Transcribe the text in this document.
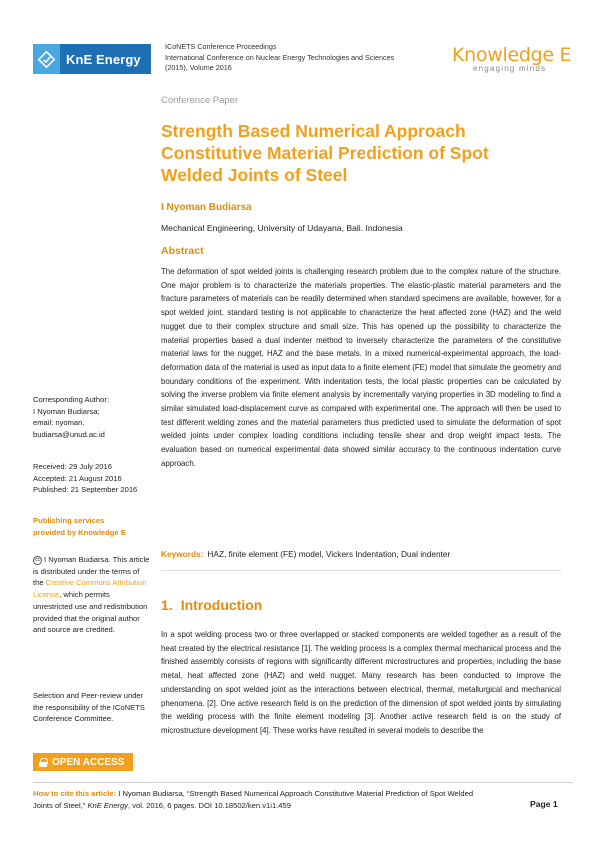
KnE Energy
ICoNETS Conference Proceedings
International Conference on Nuclear Energy Technologies and Sciences (2015), Volume 2016
Knowledge E
engaging minds
Conference Paper
Strength Based Numerical Approach Constitutive Material Prediction of Spot Welded Joints of Steel
I Nyoman Budiarsa
Mechanical Engineering, University of Udayana, Bali. Indonesia
Abstract

The deformation of spot welded joints is challenging research problem due to the complex nature of the structure. One major problem is to characterize the materials properties. The elastic-plastic material parameters and the fracture parameters of materials can be readily determined when standard specimens are available, however, for a spot welded joint, standard testing is not applicable to characterize the heat affected zone (HAZ) and the weld nugget due to their complex structure and small size. This has opened up the possibility to characterize the material properties based a dual indenter method to inversely characterize the parameters of the constitutive material laws for the nugget, HAZ and the base metals. In a mixed numerical-experimental approach, the load-deformation data of the material is used as input data to a finite element (FE) model that simulate the geometry and boundary conditions of the experiment. With indentation tests, the local plastic properties can be calculated by solving the inverse problem via finite element analysis by incrementally varying properties in 3D modeling to find a similar simulated load-displacement curve as compared with experimental one. The approach will then be used to test different welding zones and the material parameters thus predicted used to simulate the deformation of spot welded joints under complex loading conditions including tensile shear and drop weight impact tests. The evaluation based on numerical experimental data showed similar accuracy to the continuous indentation curve approach.

Keywords: HAZ, finite element (FE) model, Vickers Indentation, Dual indenter
1. Introduction

In a spot welding process two or three overlapped or stacked components are welded together as a result of the heat created by the electrical resistance [1]. The welding process is a complex thermal mechanical process and the finished assembly consists of regions with significantly different microstructures and properties, including the base metal, heat affected zone (HAZ) and weld nugget. Many research has been conducted to improve the understanding on spot welded joint as the interactions between electrical, thermal, metallurgical and mechanical phenomena. [2]. One active research field is on the prediction of the dimension of spot welded joints by simulating the welding process with the finite element modeling [3]. Another active research field is on the study of microstructure development [4]. These works have resulted in several models to describe the

Corresponding Author:
I Nyoman Budiarsa;
email: nyoman.
budiarsa@unud.ac.id
Received: 29 July 2016
Accepted: 21 August 2016
Published: 21 September 2016
Publishing services
provided by Knowledge E
cc I Nyoman Budiarsa. This article is distributed under the terms of the Creative Commons Attribution License, which permits unrestricted use and redistribution provided that the original author and source are credited.
Selection and Peer-review under the responsibility of the ICoNETS Conference Committee.
OPEN ACCESS
How to cite this article: I Nyoman Budiarsa, “Strength Based Numerical Approach Constitutive Material Prediction of Spot Welded Joints of Steel,” KnE Energy, vol. 2016, 6 pages. DOI 10.18502/ken.v1i1.459	Page 1
